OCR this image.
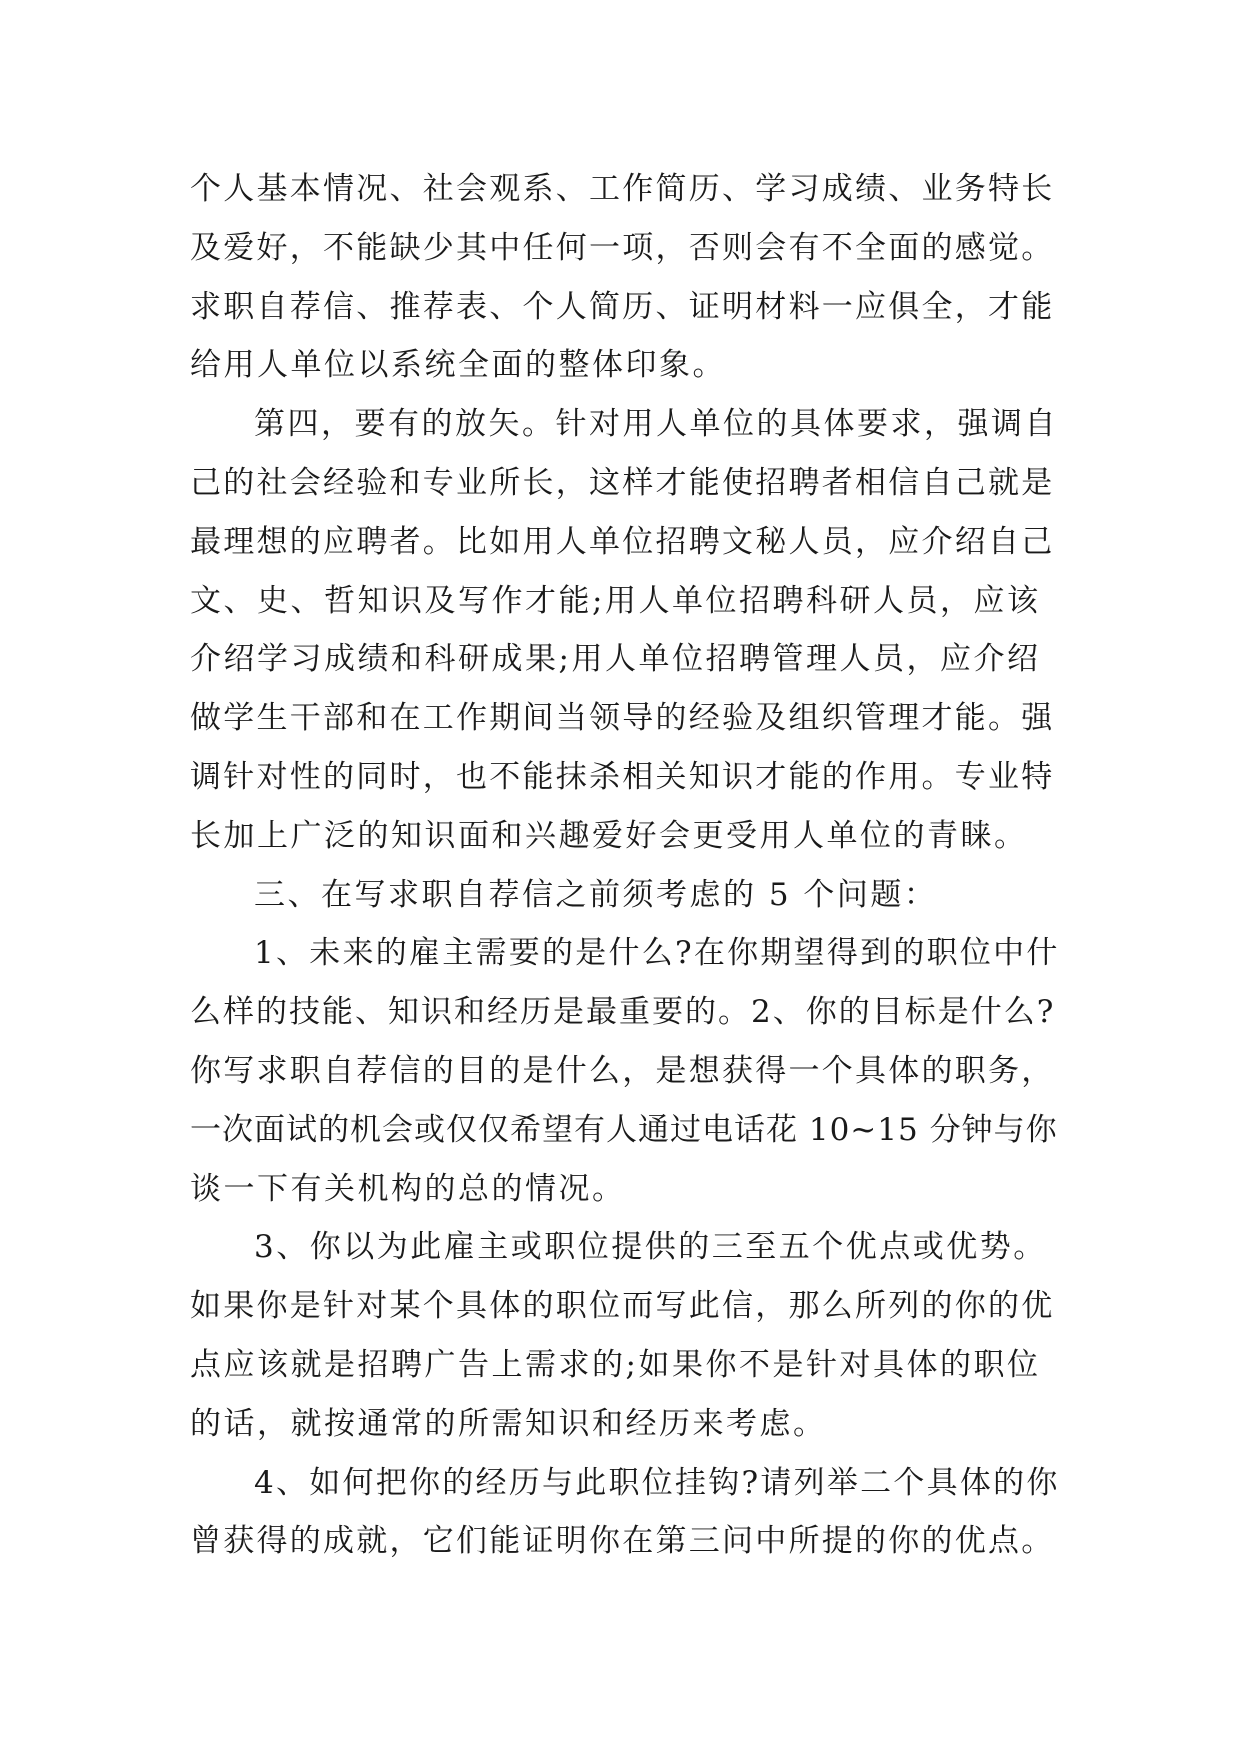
个人基本情况、社会观系、工作简历、学习成绩、业务特长
及爱好，不能缺少其中任何一项，否则会有不全面的感觉。
求职自荐信、推荐表、个人简历、证明材料一应俱全，才能
给用人单位以系统全面的整体印象。
第四，要有的放矢。针对用人单位的具体要求，强调自
己的社会经验和专业所长，这样才能使招聘者相信自己就是
最理想的应聘者。比如用人单位招聘文秘人员，应介绍自己
文、史、哲知识及写作才能;用人单位招聘科研人员，应该
介绍学习成绩和科研成果;用人单位招聘管理人员，应介绍
做学生干部和在工作期间当领导的经验及组织管理才能。强
调针对性的同时，也不能抹杀相关知识才能的作用。专业特
长加上广泛的知识面和兴趣爱好会更受用人单位的青睐。
三、在写求职自荐信之前须考虑的 5 个问题：
1、未来的雇主需要的是什么?在你期望得到的职位中什
么样的技能、知识和经历是最重要的。2、你的目标是什么?
你写求职自荐信的目的是什么，是想获得一个具体的职务，
一次面试的机会或仅仅希望有人通过电话花 10~15 分钟与你
谈一下有关机构的总的情况。
3、你以为此雇主或职位提供的三至五个优点或优势。
如果你是针对某个具体的职位而写此信，那么所列的你的优
点应该就是招聘广告上需求的;如果你不是针对具体的职位
的话，就按通常的所需知识和经历来考虑。
4、如何把你的经历与此职位挂钩?请列举二个具体的你
曾获得的成就，它们能证明你在第三问中所提的你的优点。
